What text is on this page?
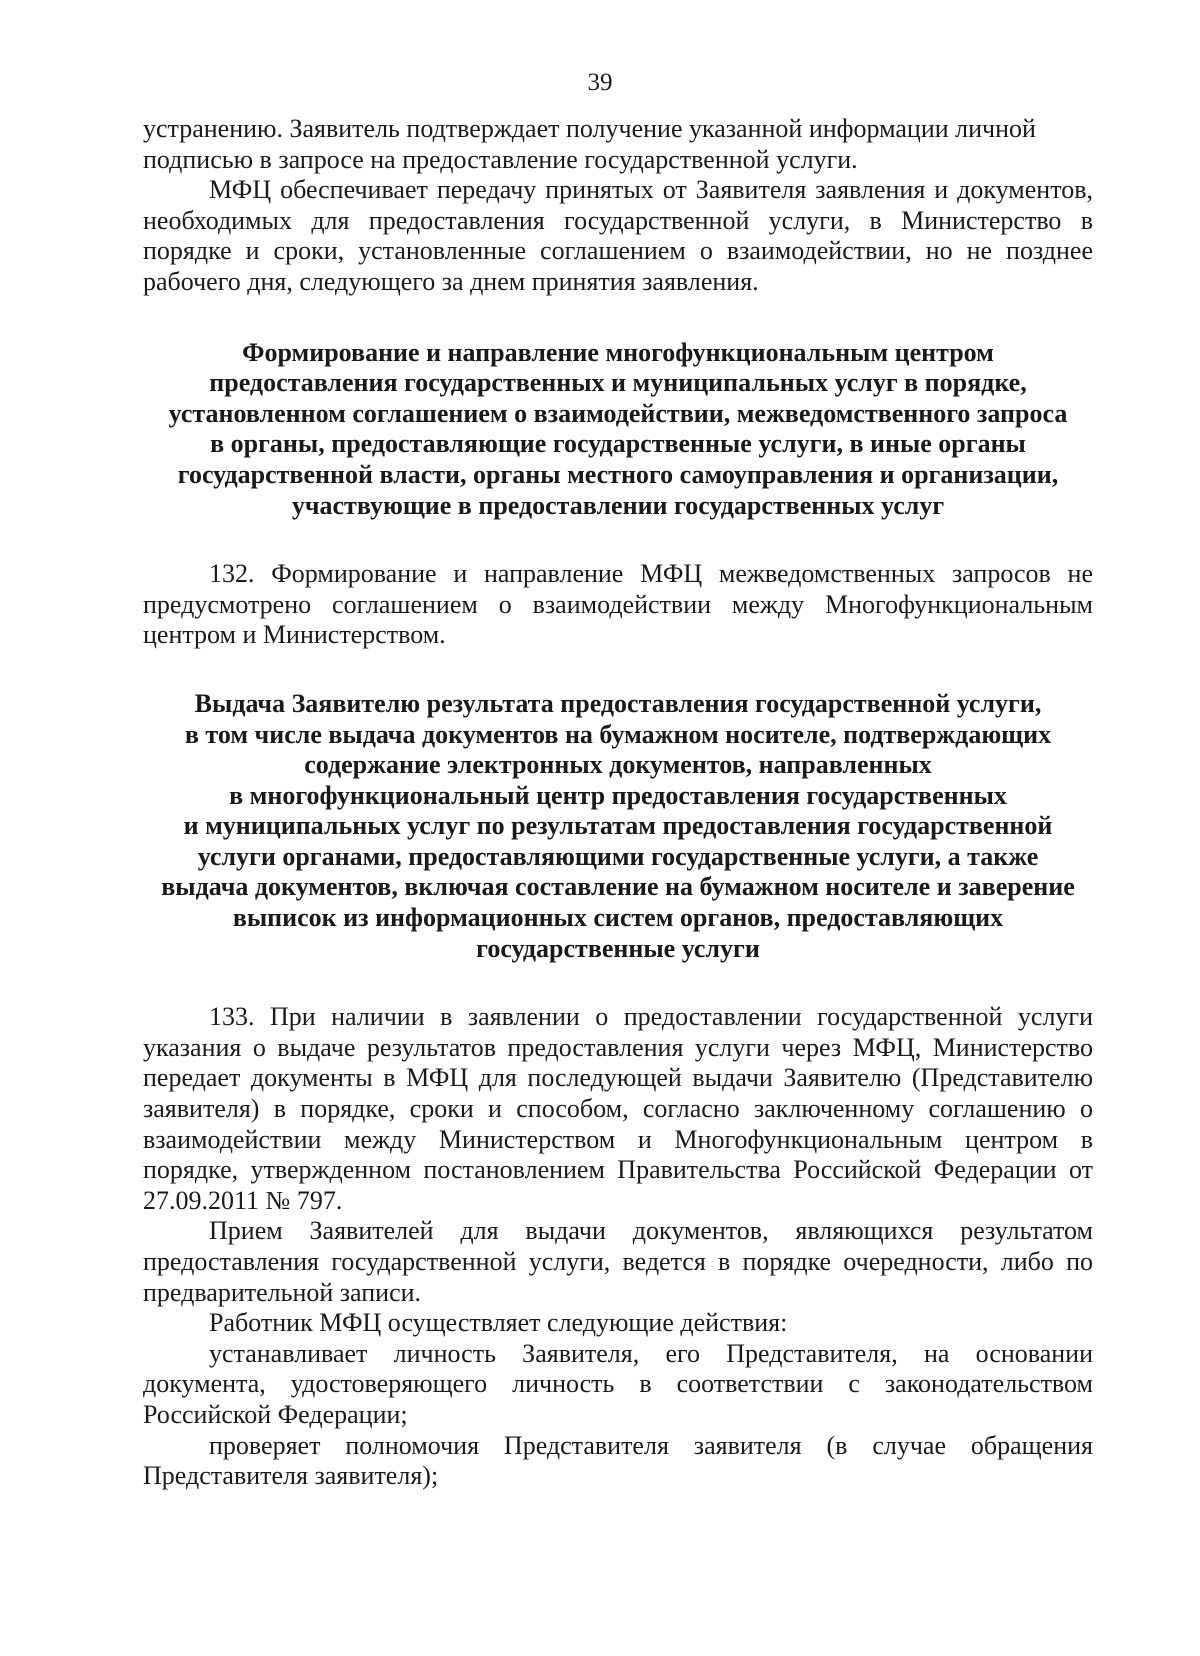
39

устранению. Заявитель подтверждает получение указанной информации личной подписью в запросе на предоставление государственной услуги.

МФЦ обеспечивает передачу принятых от Заявителя заявления и документов, необходимых для предоставления государственной услуги, в Министерство в порядке и сроки, установленные соглашением о взаимодействии, но не позднее рабочего дня, следующего за днем принятия заявления.

Формирование и направление многофункциональным центром
предоставления государственных и муниципальных услуг в порядке,
установленном соглашением о взаимодействии, межведомственного запроса
в органы, предоставляющие государственные услуги, в иные органы
государственной власти, органы местного самоуправления и организации,
участвующие в предоставлении государственных услуг

132. Формирование и направление МФЦ межведомственных запросов не предусмотрено соглашением о взаимодействии между Многофункциональным центром и Министерством.

Выдача Заявителю результата предоставления государственной услуги,
в том числе выдача документов на бумажном носителе, подтверждающих
содержание электронных документов, направленных
в многофункциональный центр предоставления государственных
и муниципальных услуг по результатам предоставления государственной
услуги органами, предоставляющими государственные услуги, а также
выдача документов, включая составление на бумажном носителе и заверение
выписок из информационных систем органов, предоставляющих
государственные услуги

133. При наличии в заявлении о предоставлении государственной услуги указания о выдаче результатов предоставления услуги через МФЦ, Министерство передает документы в МФЦ для последующей выдачи Заявителю (Представителю заявителя) в порядке, сроки и способом, согласно заключенному соглашению о взаимодействии между Министерством и Многофункциональным центром в порядке, утвержденном постановлением Правительства Российской Федерации от 27.09.2011 № 797.

Прием Заявителей для выдачи документов, являющихся результатом предоставления государственной услуги, ведется в порядке очередности, либо по предварительной записи.

Работник МФЦ осуществляет следующие действия:

устанавливает личность Заявителя, его Представителя, на основании документа, удостоверяющего личность в соответствии с законодательством Российской Федерации;

проверяет полномочия Представителя заявителя (в случае обращения Представителя заявителя);
